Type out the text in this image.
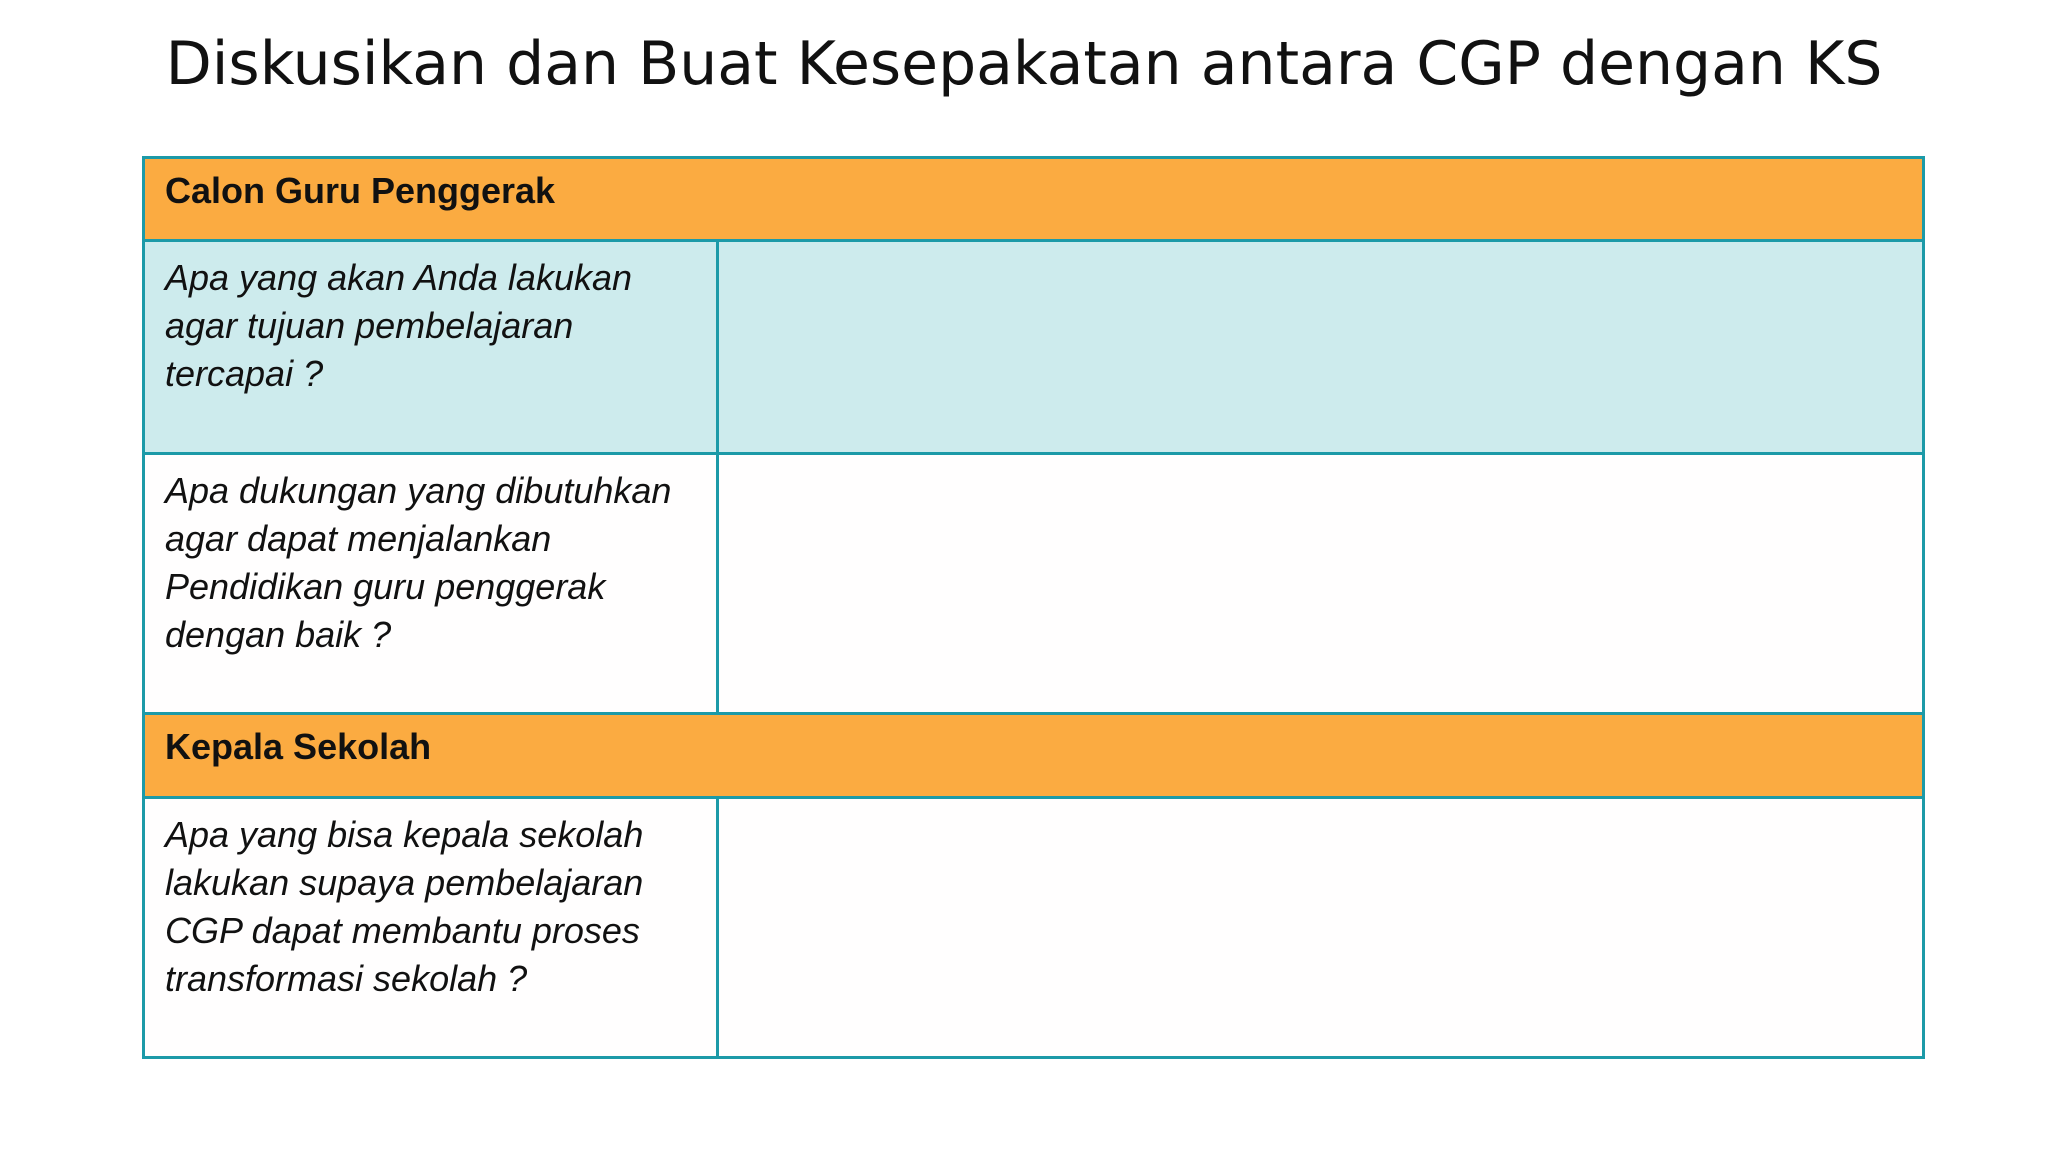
Diskusikan dan Buat Kesepakatan antara CGP dengan KS
Calon Guru Penggerak	
Apa yang akan Anda lakukan agar tujuan pembelajaran tercapai ?	
Apa dukungan yang dibutuhkan agar dapat menjalankan Pendidikan guru penggerak dengan baik ?	
Kepala Sekolah	
Apa yang bisa kepala sekolah lakukan supaya pembelajaran CGP dapat membantu proses transformasi sekolah ?	
